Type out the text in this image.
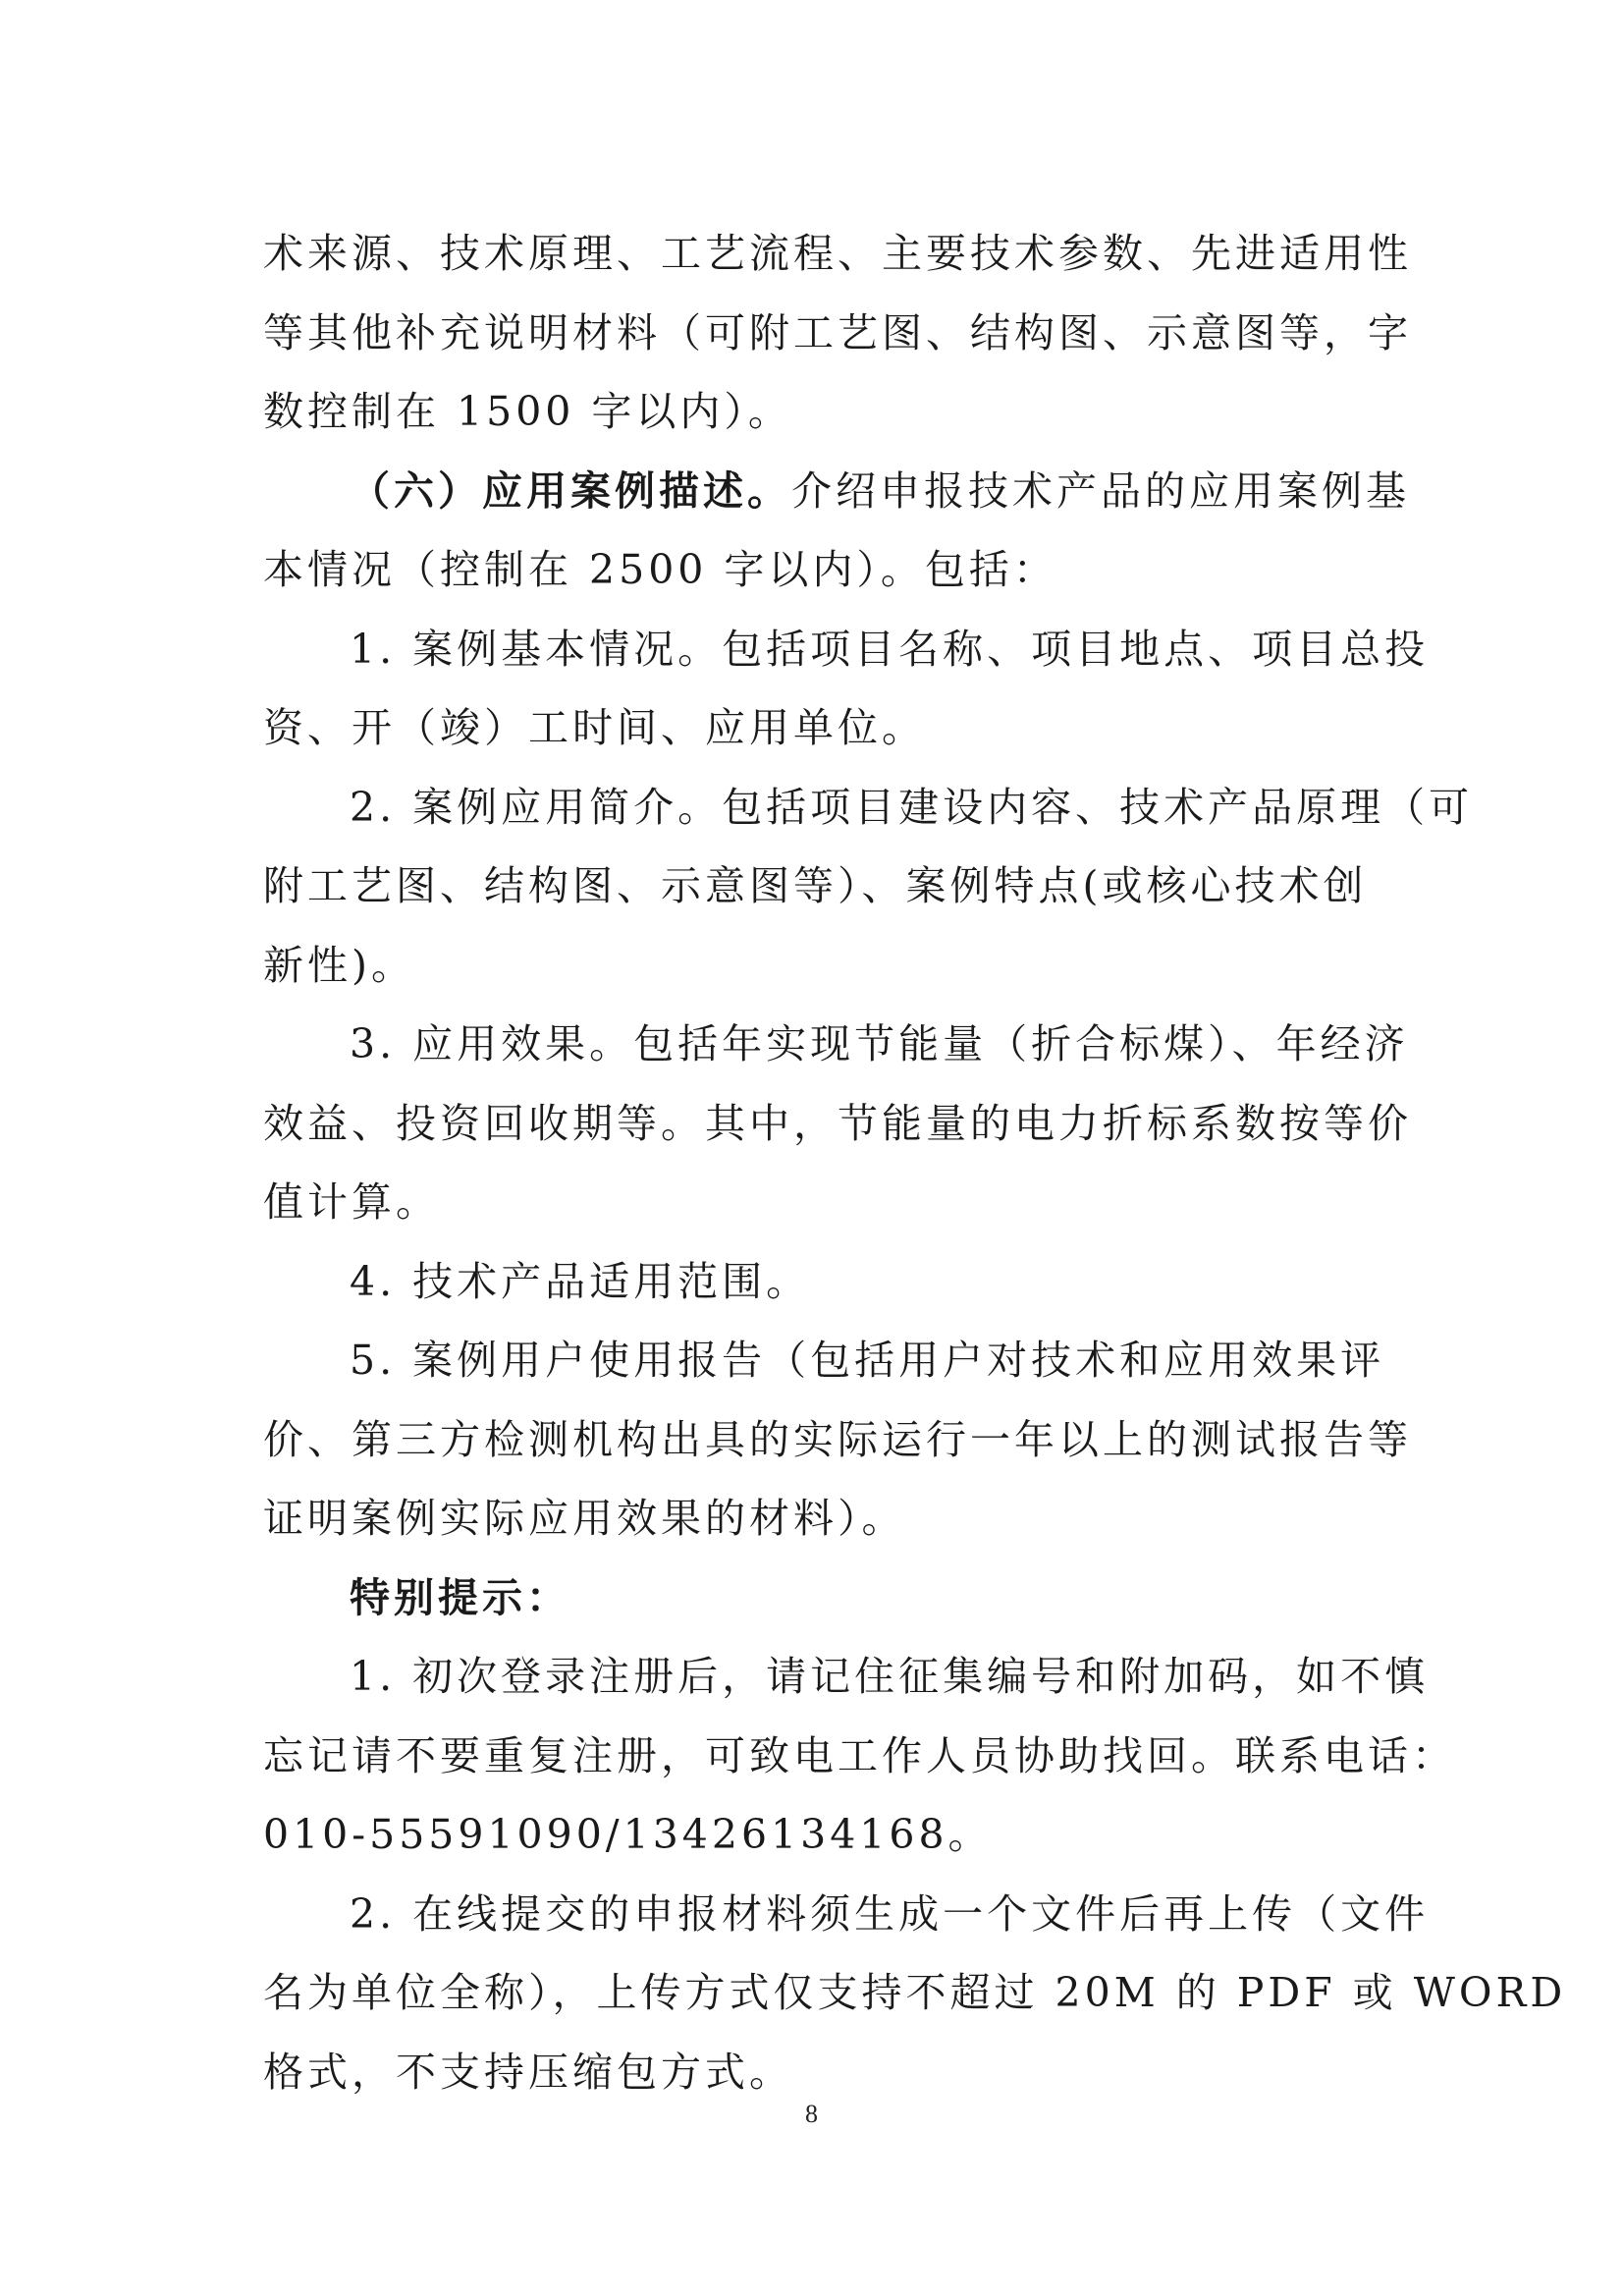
术来源、技术原理、工艺流程、主要技术参数、先进适用性
等其他补充说明材料（可附工艺图、结构图、示意图等，字
数控制在 1500 字以内）。
（六）应用案例描述。介绍申报技术产品的应用案例基
本情况（控制在 2500 字以内）。包括：
1. 案例基本情况。包括项目名称、项目地点、项目总投
资、开（竣）工时间、应用单位。
2. 案例应用简介。包括项目建设内容、技术产品原理（可
附工艺图、结构图、示意图等）、案例特点(或核心技术创
新性)。
3. 应用效果。包括年实现节能量（折合标煤）、年经济
效益、投资回收期等。其中，节能量的电力折标系数按等价
值计算。
4. 技术产品适用范围。
5. 案例用户使用报告（包括用户对技术和应用效果评
价、第三方检测机构出具的实际运行一年以上的测试报告等
证明案例实际应用效果的材料）。
特别提示：
1. 初次登录注册后，请记住征集编号和附加码，如不慎
忘记请不要重复注册，可致电工作人员协助找回。联系电话：
010-55591090/13426134168。
2. 在线提交的申报材料须生成一个文件后再上传（文件
名为单位全称），上传方式仅支持不超过 20M 的 PDF 或 WORD
格式，不支持压缩包方式。
8
